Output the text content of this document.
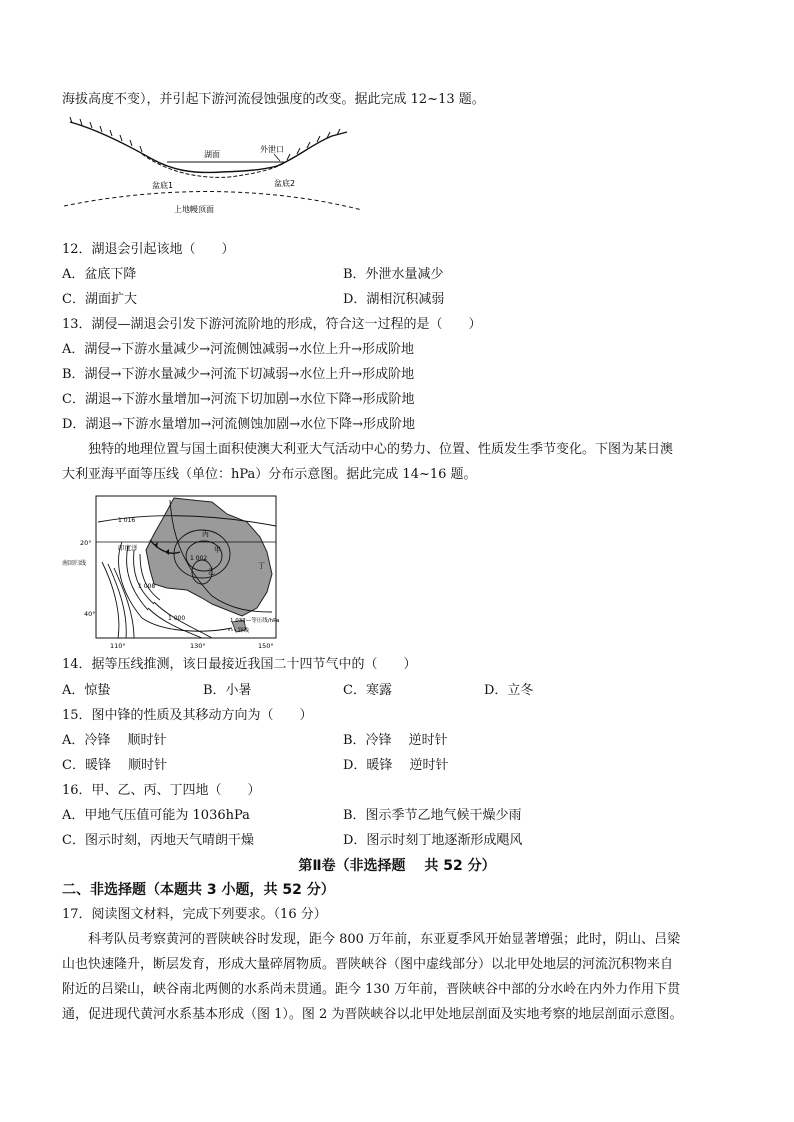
海拔高度不变），并引起下游河流侵蚀强度的改变。据此完成 12~13 题。
湖面
外泄口
盆底1	盆底2
上地幔顶面
12．湖退会引起该地（　　）
A．盆底下降	B．外泄水量减少
C．湖面扩大	D．湖相沉积减弱
13．湖侵—湖退会引发下游河流阶地的形成，符合这一过程的是（　　）
A．湖侵→下游水量减少→河流侧蚀减弱→水位上升→形成阶地
B．湖侵→下游水量减少→河流下切减弱→水位上升→形成阶地
C．湖退→下游水量增加→河流下切加剧→水位下降→形成阶地
D．湖退→下游水量增加→河流侧蚀加剧→水位下降→形成阶地
独特的地理位置与国土面积使澳大利亚大气活动中心的势力、位置、性质发生季节变化。下图为某日澳
大利亚海平面等压线（单位：hPa）分布示意图。据此完成 14~16 题。
20°
40°
南回归线
印度洋
1 016
1 008
1 000
1 002
甲
乙
丙
丁
1 032—等压线/hPa
锋线
110°	130°	150°
14．据等压线推测，该日最接近我国二十四节气中的（　　）
A．惊蛰	B．小暑	C．寒露	D．立冬
15．图中锋的性质及其移动方向为（　　）
A．冷锋　 顺时针	B．冷锋　 逆时针
C．暖锋　 顺时针	D．暖锋　 逆时针
16．甲、乙、丙、丁四地（　　）
A．甲地气压值可能为 1036hPa	B．图示季节乙地气候干燥少雨
C．图示时刻，丙地天气晴朗干燥	D．图示时刻丁地逐渐形成飓风
第Ⅱ卷（非选择题　 共 52 分）
二、非选择题（本题共 3 小题，共 52 分）
17．阅读图文材料，完成下列要求。（16 分）
科考队员考察黄河的晋陕峡谷时发现，距今 800 万年前，东亚夏季风开始显著增强；此时，阴山、吕梁
山也快速隆升，断层发育，形成大量碎屑物质。晋陕峡谷（图中虚线部分）以北甲处地层的河流沉积物来自
附近的吕梁山，峡谷南北两侧的水系尚未贯通。距今 130 万年前，晋陕峡谷中部的分水岭在内外力作用下贯
通，促进现代黄河水系基本形成（图 1）。图 2 为晋陕峡谷以北甲处地层剖面及实地考察的地层剖面示意图。
